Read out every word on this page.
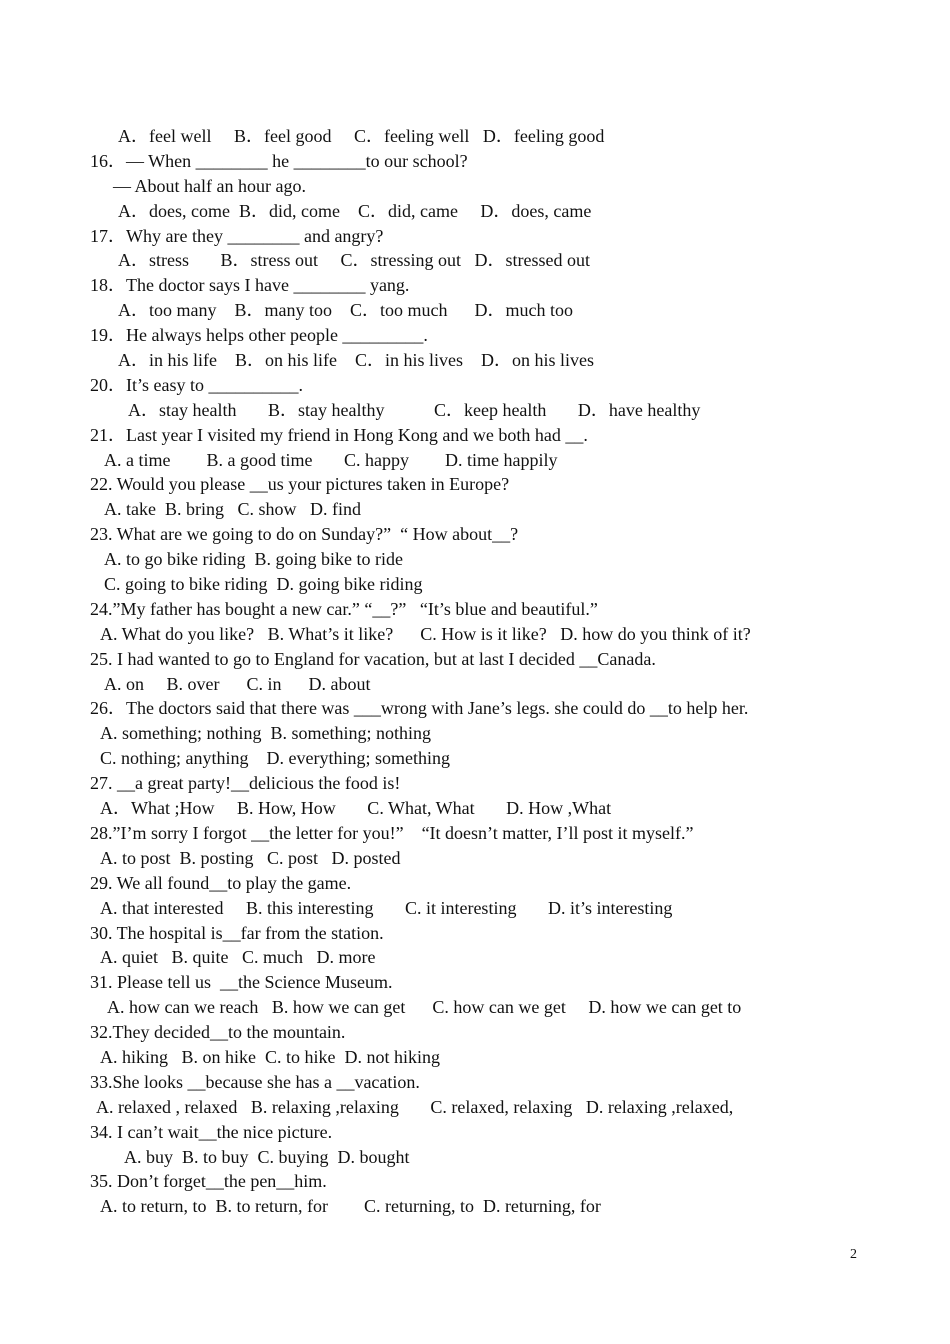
A．feel well     B．feel good     C．feeling well   D．feeling good
16．— When ________ he ________to our school?
— About half an hour ago.
A．does, come  B．did, come    C．did, came     D．does, came
17．Why are they ________ and angry?
A．stress       B．stress out     C．stressing out   D．stressed out
18．The doctor says I have ________ yang.
A．too many    B．many too    C．too much      D．much too
19．He always helps other people _________.
A．in his life    B．on his life    C．in his lives    D．on his lives
20．It’s easy to __________.
A．stay health       B．stay healthy           C．keep health       D．have healthy
21．Last year I visited my friend in Hong Kong and we both had __.
A. a time        B. a good time       C. happy        D. time happily
22. Would you please __us your pictures taken in Europe?
A. take  B. bring   C. show   D. find
23. What are we going to do on Sunday?”  “ How about__?
A. to go bike riding  B. going bike to ride
C. going to bike riding  D. going bike riding
24.”My father has bought a new car.” “__?”   “It’s blue and beautiful.”
A. What do you like?   B. What’s it like?      C. How is it like?   D. how do you think of it?
25. I had wanted to go to England for vacation, but at last I decided __Canada.
A. on     B. over      C. in      D. about
26．The doctors said that there was ___wrong with Jane’s legs. she could do __to help her.
A. something; nothing  B. something; nothing
C. nothing; anything    D. everything; something
27. __a great party!__delicious the food is!
A．What ;How     B. How, How       C. What, What       D. How ,What
28.”I’m sorry I forgot __the letter for you!”    “It doesn’t matter, I’ll post it myself.”
A. to post  B. posting   C. post   D. posted
29. We all found__to play the game.
A. that interested     B. this interesting       C. it interesting       D. it’s interesting
30. The hospital is__far from the station.
A. quiet   B. quite   C. much   D. more
31. Please tell us  __the Science Museum.
A. how can we reach   B. how we can get      C. how can we get     D. how we can get to
32.They decided__to the mountain.
A. hiking   B. on hike  C. to hike  D. not hiking
33.She looks __because she has a __vacation.
A. relaxed , relaxed   B. relaxing ,relaxing       C. relaxed, relaxing   D. relaxing ,relaxed,
34. I can’t wait__the nice picture.
A. buy  B. to buy  C. buying  D. bought
35. Don’t forget__the pen__him.
A. to return, to  B. to return, for        C. returning, to  D. returning, for
2
